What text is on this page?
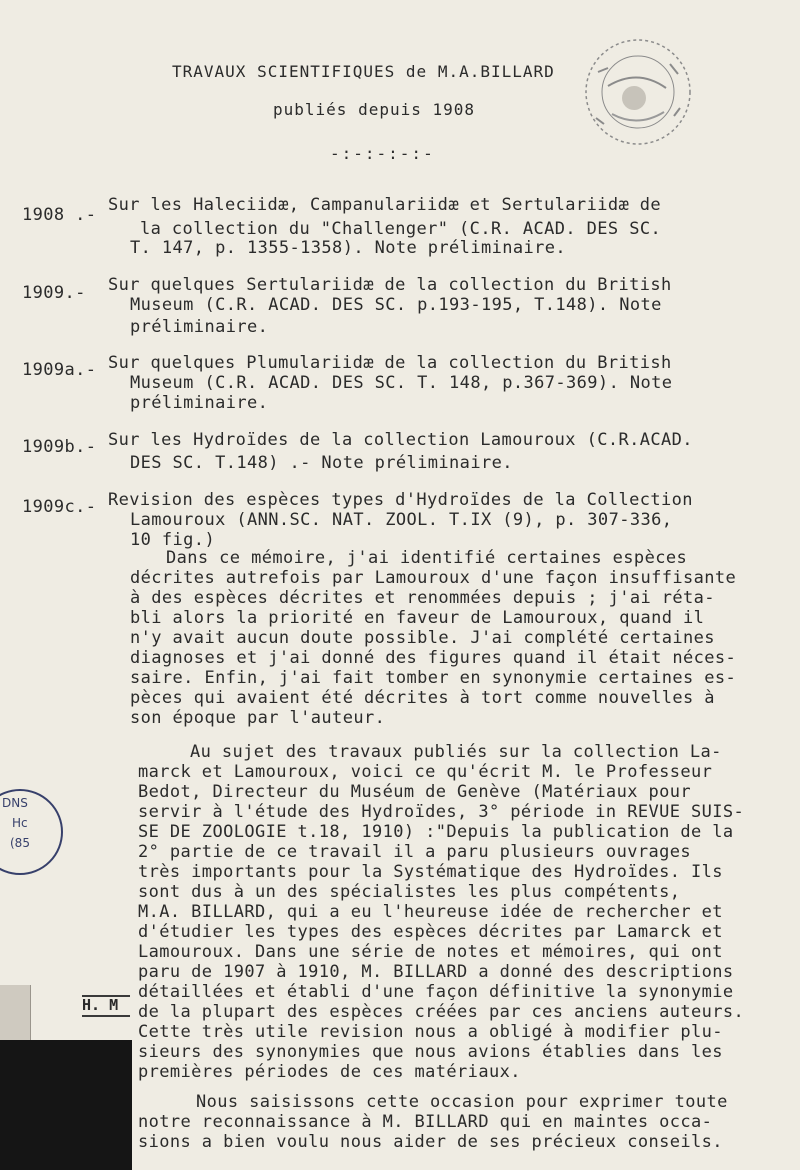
TRAVAUX SCIENTIFIQUES de M.A.BILLARD
publiés depuis 1908
-:-:-:-:-
1908 .- Sur les Haleciidæ, Campanulariidæ et Sertulariidæ de
la collection du "Challenger" (C.R. ACAD. DES SC.
T. 147, p. 1355-1358). Note préliminaire.
1909.- Sur quelques Sertulariidæ de la collection du British
Museum (C.R. ACAD. DES SC. p.193-195, T.148). Note
préliminaire.
1909a.- Sur quelques Plumulariidæ de la collection du British
Museum (C.R. ACAD. DES SC. T. 148, p.367-369). Note
préliminaire.
1909b.- Sur les Hydroïdes de la collection Lamouroux (C.R.ACAD.
DES SC. T.148) .- Note préliminaire.
1909c.- Revision des espèces types d'Hydroïdes de la Collection
Lamouroux (ANN.SC. NAT. ZOOL. T.IX (9), p. 307-336,
10 fig.)
Dans ce mémoire, j'ai identifié certaines espèces
décrites autrefois par Lamouroux d'une façon insuffisante
à des espèces décrites et renommées depuis ; j'ai réta-
bli alors la priorité en faveur de Lamouroux, quand il
n'y avait aucun doute possible. J'ai complété certaines
diagnoses et j'ai donné des figures quand il était néces-
saire. Enfin, j'ai fait tomber en synonymie certaines es-
pèces qui avaient été décrites à tort comme nouvelles à
son époque par l'auteur.
Au sujet des travaux publiés sur la collection La-
marck et Lamouroux, voici ce qu'écrit M. le Professeur
Bedot, Directeur du Muséum de Genève (Matériaux pour
servir à l'étude des Hydroïdes, 3° période in REVUE SUIS-
SE DE ZOOLOGIE t.18, 1910) :"Depuis la publication de la
2° partie de ce travail il a paru plusieurs ouvrages
très importants pour la Systématique des Hydroïdes. Ils
sont dus à un des spécialistes les plus compétents,
M.A. BILLARD, qui a eu l'heureuse idée de rechercher et
d'étudier les types des espèces décrites par Lamarck et
Lamouroux. Dans une série de notes et mémoires, qui ont
paru de 1907 à 1910, M. BILLARD a donné des descriptions
détaillées et établi d'une façon définitive la synonymie
de la plupart des espèces créées par ces anciens auteurs.
Cette très utile revision nous a obligé à modifier plu-
sieurs des synonymies que nous avions établies dans les
premières périodes de ces matériaux.
Nous saisissons cette occasion pour exprimer toute
notre reconnaissance à M. BILLARD qui en maintes occa-
sions a bien voulu nous aider de ses précieux conseils.
DNS
Hc
(85
H. M
